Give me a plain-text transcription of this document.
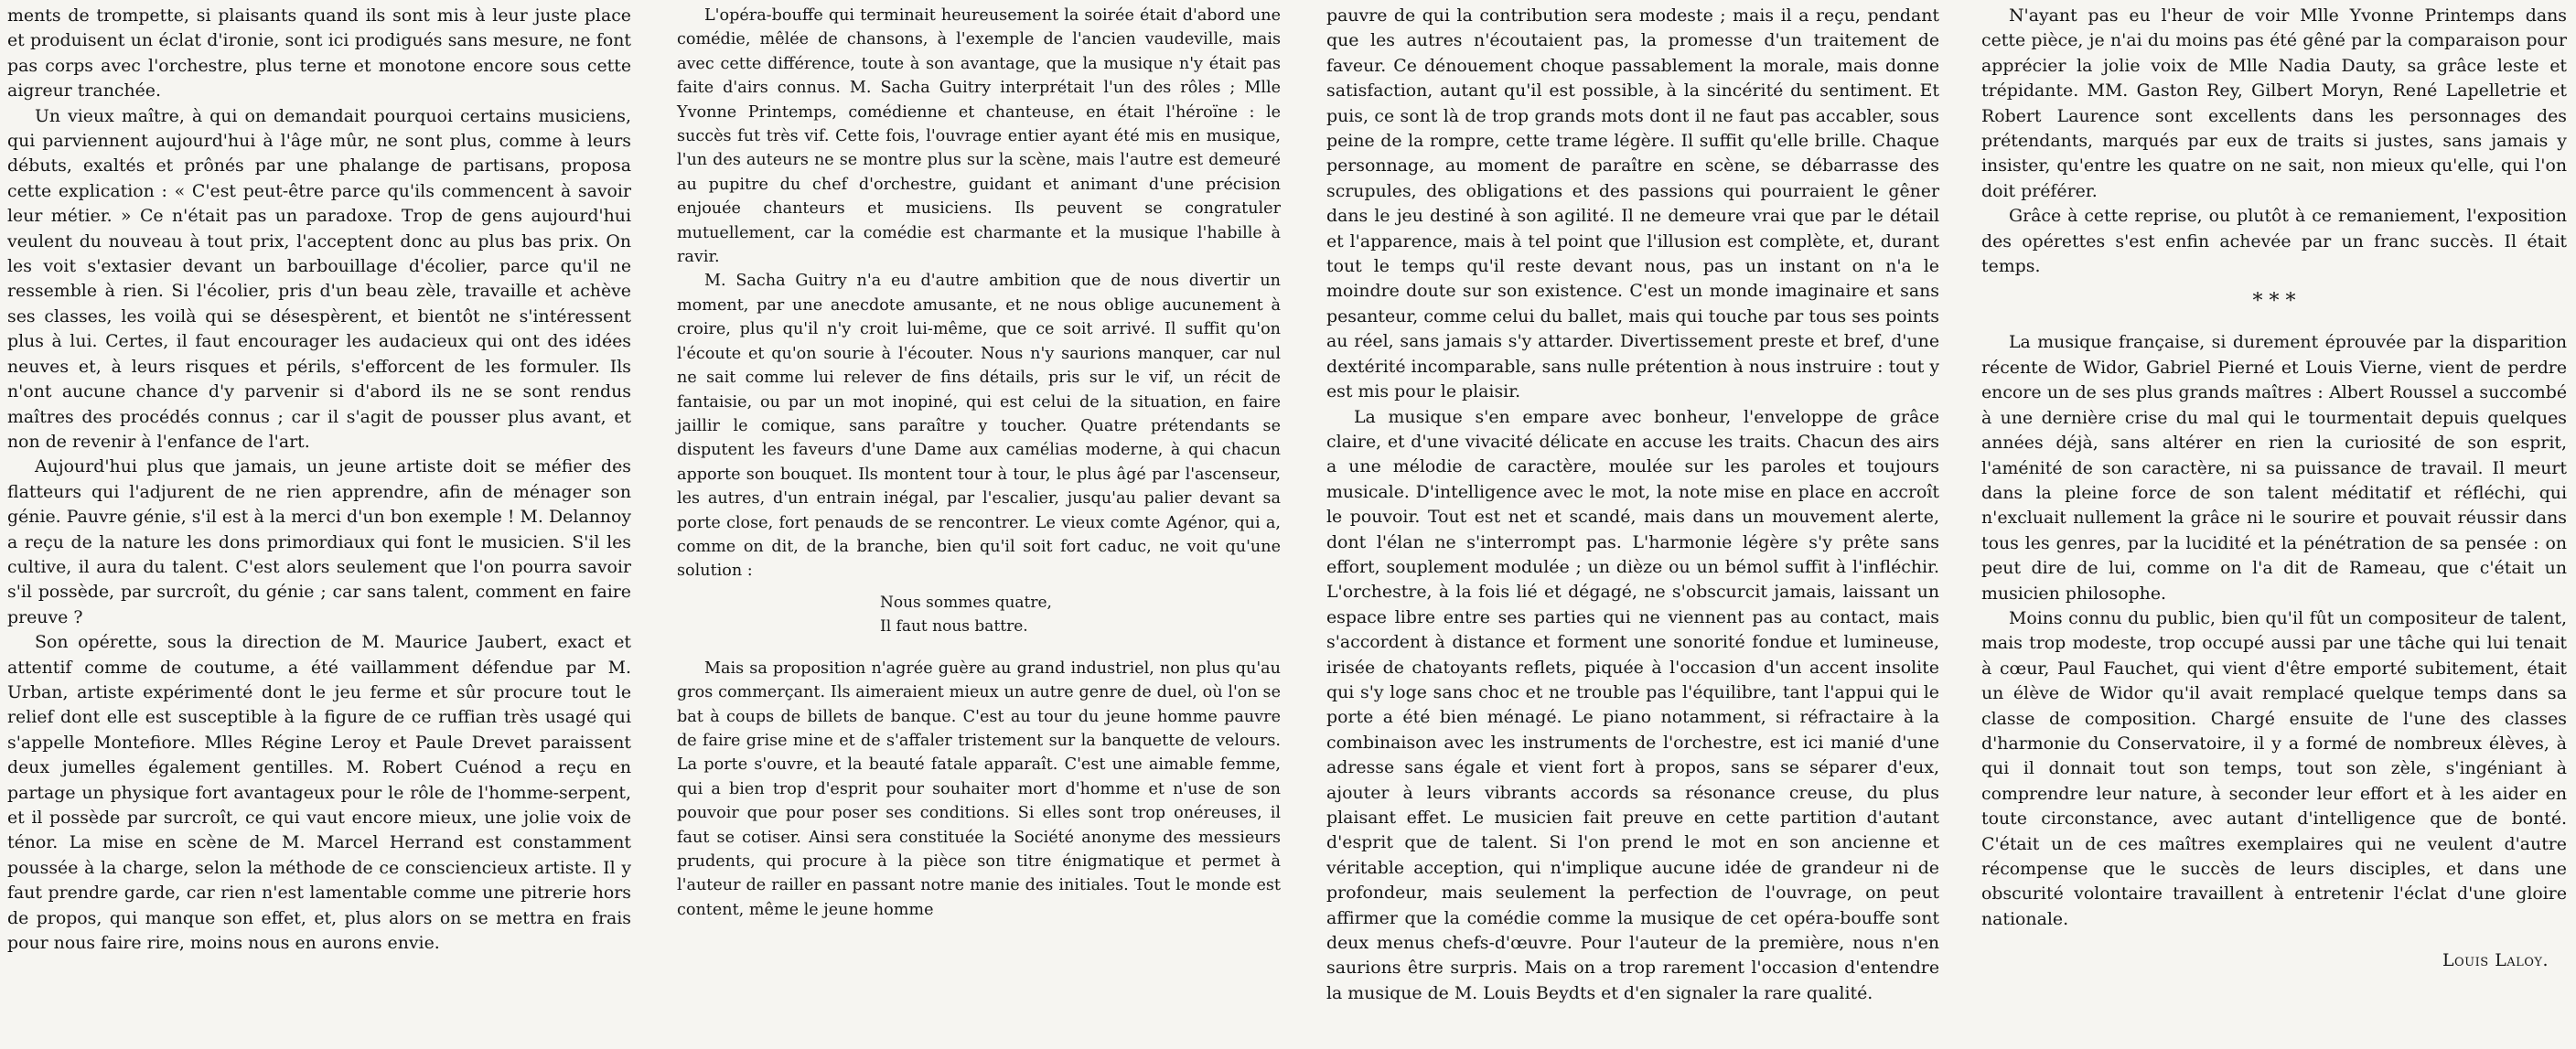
ments de trompette, si plaisants quand ils sont mis à leur juste place et produisent un éclat d'ironie, sont ici prodigués sans mesure, ne font pas corps avec l'orchestre, plus terne et monotone encore sous cette aigreur tranchée.

Un vieux maître, à qui on demandait pourquoi certains musiciens, qui parviennent aujourd'hui à l'âge mûr, ne sont plus, comme à leurs débuts, exaltés et prônés par une phalange de partisans, proposa cette explication : « C'est peut-être parce qu'ils commencent à savoir leur métier. » Ce n'était pas un paradoxe. Trop de gens aujourd'hui veulent du nouveau à tout prix, l'acceptent donc au plus bas prix. On les voit s'extasier devant un barbouillage d'écolier, parce qu'il ne ressemble à rien. Si l'écolier, pris d'un beau zèle, travaille et achève ses classes, les voilà qui se désespèrent, et bientôt ne s'intéressent plus à lui. Certes, il faut encourager les audacieux qui ont des idées neuves et, à leurs risques et périls, s'efforcent de les formuler. Ils n'ont aucune chance d'y parvenir si d'abord ils ne se sont rendus maîtres des procédés connus ; car il s'agit de pousser plus avant, et non de revenir à l'enfance de l'art.

Aujourd'hui plus que jamais, un jeune artiste doit se méfier des flatteurs qui l'adjurent de ne rien apprendre, afin de ménager son génie. Pauvre génie, s'il est à la merci d'un bon exemple ! M. Delannoy a reçu de la nature les dons primordiaux qui font le musicien. S'il les cultive, il aura du talent. C'est alors seulement que l'on pourra savoir s'il possède, par surcroît, du génie ; car sans talent, comment en faire preuve ?

Son opérette, sous la direction de M. Maurice Jaubert, exact et attentif comme de coutume, a été vaillamment défendue par M. Urban, artiste expérimenté dont le jeu ferme et sûr procure tout le relief dont elle est susceptible à la figure de ce ruffian très usagé qui s'appelle Montefiore. Mlles Régine Leroy et Paule Drevet paraissent deux jumelles également gentilles. M. Robert Cuénod a reçu en partage un physique fort avantageux pour le rôle de l'homme-serpent, et il possède par surcroît, ce qui vaut encore mieux, une jolie voix de ténor. La mise en scène de M. Marcel Herrand est constamment poussée à la charge, selon la méthode de ce consciencieux artiste. Il y faut prendre garde, car rien n'est lamentable comme une pitrerie hors de propos, qui manque son effet, et, plus alors on se mettra en frais pour nous faire rire, moins nous en aurons envie.

L'opéra-bouffe qui terminait heureusement la soirée était d'abord une comédie, mêlée de chansons, à l'exemple de l'ancien vaudeville, mais avec cette différence, toute à son avantage, que la musique n'y était pas faite d'airs connus. M. Sacha Guitry interprétait l'un des rôles ; Mlle Yvonne Printemps, comédienne et chanteuse, en était l'héroïne : le succès fut très vif. Cette fois, l'ouvrage entier ayant été mis en musique, l'un des auteurs ne se montre plus sur la scène, mais l'autre est demeuré au pupitre du chef d'orchestre, guidant et animant d'une précision enjouée chanteurs et musiciens. Ils peuvent se congratuler mutuellement, car la comédie est charmante et la musique l'habille à ravir.

M. Sacha Guitry n'a eu d'autre ambition que de nous divertir un moment, par une anecdote amusante, et ne nous oblige aucunement à croire, plus qu'il n'y croit lui-même, que ce soit arrivé. Il suffit qu'on l'écoute et qu'on sourie à l'écouter. Nous n'y saurions manquer, car nul ne sait comme lui relever de fins détails, pris sur le vif, un récit de fantaisie, ou par un mot inopiné, qui est celui de la situation, en faire jaillir le comique, sans paraître y toucher. Quatre prétendants se disputent les faveurs d'une Dame aux camélias moderne, à qui chacun apporte son bouquet. Ils montent tour à tour, le plus âgé par l'ascenseur, les autres, d'un entrain inégal, par l'escalier, jusqu'au palier devant sa porte close, fort penauds de se rencontrer. Le vieux comte Agénor, qui a, comme on dit, de la branche, bien qu'il soit fort caduc, ne voit qu'une solution :

Nous sommes quatre,
Il faut nous battre.

Mais sa proposition n'agrée guère au grand industriel, non plus qu'au gros commerçant. Ils aimeraient mieux un autre genre de duel, où l'on se bat à coups de billets de banque. C'est au tour du jeune homme pauvre de faire grise mine et de s'affaler tristement sur la banquette de velours. La porte s'ouvre, et la beauté fatale apparaît. C'est une aimable femme, qui a bien trop d'esprit pour souhaiter mort d'homme et n'use de son pouvoir que pour poser ses conditions. Si elles sont trop onéreuses, il faut se cotiser. Ainsi sera constituée la Société anonyme des messieurs prudents, qui procure à la pièce son titre énigmatique et permet à l'auteur de railler en passant notre manie des initiales. Tout le monde est content, même le jeune homme

pauvre de qui la contribution sera modeste ; mais il a reçu, pendant que les autres n'écoutaient pas, la promesse d'un traitement de faveur. Ce dénouement choque passablement la morale, mais donne satisfaction, autant qu'il est possible, à la sincérité du sentiment. Et puis, ce sont là de trop grands mots dont il ne faut pas accabler, sous peine de la rompre, cette trame légère. Il suffit qu'elle brille. Chaque personnage, au moment de paraître en scène, se débarrasse des scrupules, des obligations et des passions qui pourraient le gêner dans le jeu destiné à son agilité. Il ne demeure vrai que par le détail et l'apparence, mais à tel point que l'illusion est complète, et, durant tout le temps qu'il reste devant nous, pas un instant on n'a le moindre doute sur son existence. C'est un monde imaginaire et sans pesanteur, comme celui du ballet, mais qui touche par tous ses points au réel, sans jamais s'y attarder. Divertissement preste et bref, d'une dextérité incomparable, sans nulle prétention à nous instruire : tout y est mis pour le plaisir.

La musique s'en empare avec bonheur, l'enveloppe de grâce claire, et d'une vivacité délicate en accuse les traits. Chacun des airs a une mélodie de caractère, moulée sur les paroles et toujours musicale. D'intelligence avec le mot, la note mise en place en accroît le pouvoir. Tout est net et scandé, mais dans un mouvement alerte, dont l'élan ne s'interrompt pas. L'harmonie légère s'y prête sans effort, souplement modulée ; un dièze ou un bémol suffit à l'infléchir. L'orchestre, à la fois lié et dégagé, ne s'obscurcit jamais, laissant un espace libre entre ses parties qui ne viennent pas au contact, mais s'accordent à distance et forment une sonorité fondue et lumineuse, irisée de chatoyants reflets, piquée à l'occasion d'un accent insolite qui s'y loge sans choc et ne trouble pas l'équilibre, tant l'appui qui le porte a été bien ménagé. Le piano notamment, si réfractaire à la combinaison avec les instruments de l'orchestre, est ici manié d'une adresse sans égale et vient fort à propos, sans se séparer d'eux, ajouter à leurs vibrants accords sa résonance creuse, du plus plaisant effet. Le musicien fait preuve en cette partition d'autant d'esprit que de talent. Si l'on prend le mot en son ancienne et véritable acception, qui n'implique aucune idée de grandeur ni de profondeur, mais seulement la perfection de l'ouvrage, on peut affirmer que la comédie comme la musique de cet opéra-bouffe sont deux menus chefs-d'œuvre. Pour l'auteur de la première, nous n'en saurions être surpris. Mais on a trop rarement l'occasion d'entendre la musique de M. Louis Beydts et d'en signaler la rare qualité.

N'ayant pas eu l'heur de voir Mlle Yvonne Printemps dans cette pièce, je n'ai du moins pas été gêné par la comparaison pour apprécier la jolie voix de Mlle Nadia Dauty, sa grâce leste et trépidante. MM. Gaston Rey, Gilbert Moryn, René Lapelletrie et Robert Laurence sont excellents dans les personnages des prétendants, marqués par eux de traits si justes, sans jamais y insister, qu'entre les quatre on ne sait, non mieux qu'elle, qui l'on doit préférer.

Grâce à cette reprise, ou plutôt à ce remaniement, l'exposition des opérettes s'est enfin achevée par un franc succès. Il était temps.

* * *

La musique française, si durement éprouvée par la disparition récente de Widor, Gabriel Pierné et Louis Vierne, vient de perdre encore un de ses plus grands maîtres : Albert Roussel a succombé à une dernière crise du mal qui le tourmentait depuis quelques années déjà, sans altérer en rien la curiosité de son esprit, l'aménité de son caractère, ni sa puissance de travail. Il meurt dans la pleine force de son talent méditatif et réfléchi, qui n'excluait nullement la grâce ni le sourire et pouvait réussir dans tous les genres, par la lucidité et la pénétration de sa pensée : on peut dire de lui, comme on l'a dit de Rameau, que c'était un musicien philosophe.

Moins connu du public, bien qu'il fût un compositeur de talent, mais trop modeste, trop occupé aussi par une tâche qui lui tenait à cœur, Paul Fauchet, qui vient d'être emporté subitement, était un élève de Widor qu'il avait remplacé quelque temps dans sa classe de composition. Chargé ensuite de l'une des classes d'harmonie du Conservatoire, il y a formé de nombreux élèves, à qui il donnait tout son temps, tout son zèle, s'ingéniant à comprendre leur nature, à seconder leur effort et à les aider en toute circonstance, avec autant d'intelligence que de bonté. C'était un de ces maîtres exemplaires qui ne veulent d'autre récompense que le succès de leurs disciples, et dans une obscurité volontaire travaillent à entretenir l'éclat d'une gloire nationale.

Louis Laloy.
